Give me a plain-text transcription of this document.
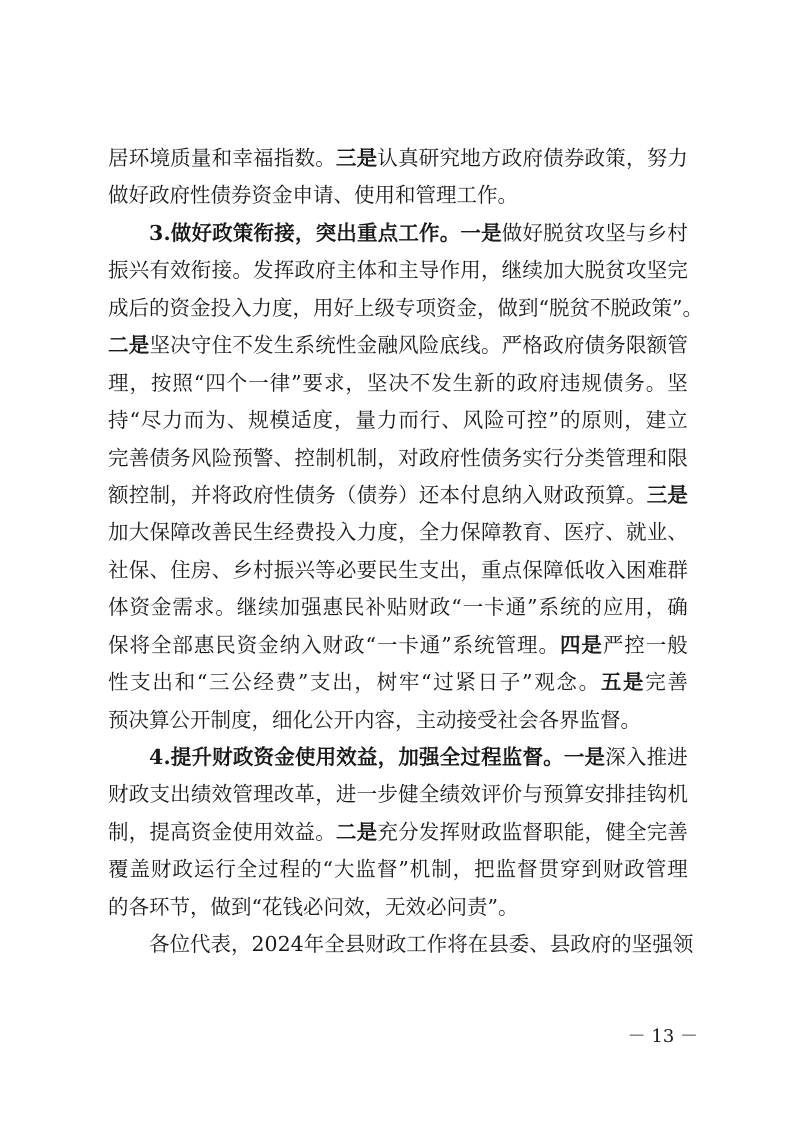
居 环 境 质 量 和 幸 福 指 数 。 三 是 认 真 研 究 地 方 政 府 债 券 政 策 ， 努 力
做 好 政 府 性 债 券 资 金 申 请 、 使 用 和 管 理 工 作 。
3 . 做 好 政 策 衔 接 ， 突 出 重 点 工 作 。 一 是 做 好 脱 贫 攻 坚 与 乡 村
振 兴 有 效 衔 接 。 发 挥 政 府 主 体 和 主 导 作 用 ， 继 续 加 大 脱 贫 攻 坚 完
成 后 的 资 金 投 入 力 度 ， 用 好 上 级 专 项 资 金 ， 做 到 “ 脱 贫 不 脱 政 策 ” 。
二 是 坚 决 守 住 不 发 生 系 统 性 金 融 风 险 底 线 。 严 格 政 府 债 务 限 额 管
理 ， 按 照 “ 四 个 一 律 ” 要 求 ， 坚 决 不 发 生 新 的 政 府 违 规 债 务 。 坚
持 “ 尽 力 而 为 、 规 模 适 度 ， 量 力 而 行 、 风 险 可 控 ” 的 原 则 ， 建 立
完 善 债 务 风 险 预 警 、 控 制 机 制 ， 对 政 府 性 债 务 实 行 分 类 管 理 和 限
额 控 制 ， 并 将 政 府 性 债 务 （ 债 券 ） 还 本 付 息 纳 入 财 政 预 算 。 三 是
加 大 保 障 改 善 民 生 经 费 投 入 力 度 ， 全 力 保 障 教 育 、 医 疗 、 就 业 、
社 保 、 住 房 、 乡 村 振 兴 等 必 要 民 生 支 出 ， 重 点 保 障 低 收 入 困 难 群
体 资 金 需 求 。 继 续 加 强 惠 民 补 贴 财 政 “ 一 卡 通 ” 系 统 的 应 用 ， 确
保 将 全 部 惠 民 资 金 纳 入 财 政 “ 一 卡 通 ” 系 统 管 理 。 四 是 严 控 一 般
性 支 出 和 “ 三 公 经 费 ” 支 出 ， 树 牢 “ 过 紧 日 子 ” 观 念 。 五 是 完 善
预 决 算 公 开 制 度 ， 细 化 公 开 内 容 ， 主 动 接 受 社 会 各 界 监 督 。
4 . 提 升 财 政 资 金 使 用 效 益 ， 加 强 全 过 程 监 督 。 一 是 深 入 推 进
财 政 支 出 绩 效 管 理 改 革 ， 进 一 步 健 全 绩 效 评 价 与 预 算 安 排 挂 钩 机
制 ， 提 高 资 金 使 用 效 益 。 二 是 充 分 发 挥 财 政 监 督 职 能 ， 健 全 完 善
覆 盖 财 政 运 行 全 过 程 的 “ 大 监 督 ” 机 制 ， 把 监 督 贯 穿 到 财 政 管 理
的 各 环 节 ， 做 到 “ 花 钱 必 问 效 ， 无 效 必 问 责 ” 。
各 位 代 表 ， 2 0 2 4 年 全 县 财 政 工 作 将 在 县 委 、 县 政 府 的 坚 强 领
－ 13 －
